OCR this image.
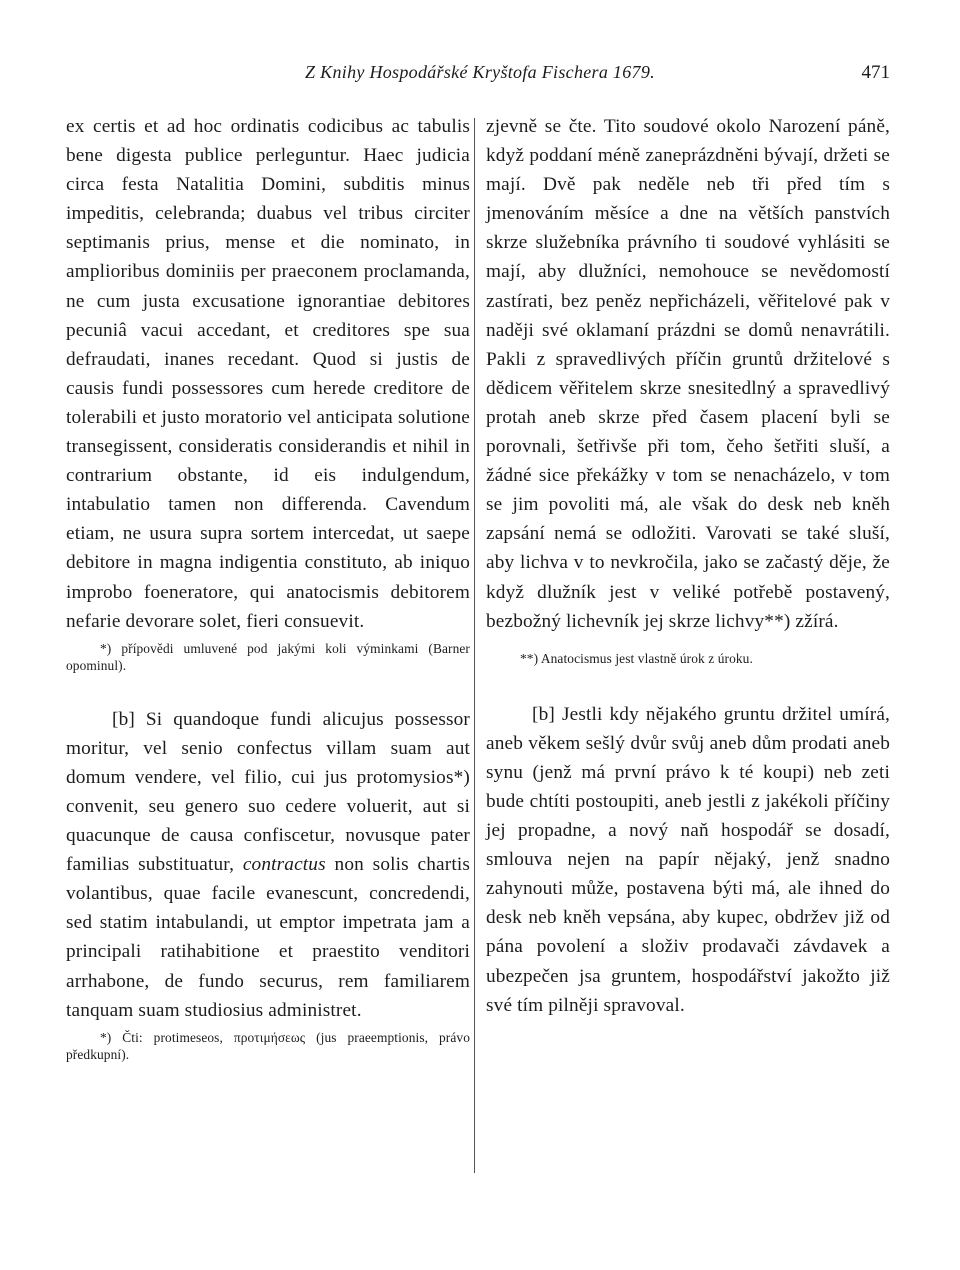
Z Knihy Hospodářské Kryštofa Fischera 1679.	471

ex certis et ad hoc ordinatis codicibus ac tabulis bene digesta publice perleguntur. Haec judicia circa festa Natalitia Domini, subditis minus impeditis, celebranda; duabus vel tribus circiter septimanis prius, mense et die nominato, in amplioribus dominiis per praeconem proclamanda, ne cum justa excusatione ignorantiae debitores pecuniâ vacui accedant, et creditores spe sua defraudati, inanes recedant. Quod si justis de causis fundi possessores cum herede creditore de tolerabili et justo moratorio vel anticipata solutione transegissent, consideratis considerandis et nihil in contrarium obstante, id eis indulgendum, intabulatio tamen non differenda. Cavendum etiam, ne usura supra sortem intercedat, ut saepe debitore in magna indigentia constituto, ab iniquo improbo foeneratore, qui anatocismis debitorem nefarie devorare solet, fieri consuevit.

*) přípovědi umluvené pod jakými koli výminkami (Barner opominul).

[b] Si quandoque fundi alicujus possessor moritur, vel senio confectus villam suam aut domum vendere, vel filio, cui jus protomysios*) convenit, seu genero suo cedere voluerit, aut si quacunque de causa confiscetur, novusque pater familias substituatur, contractus non solis chartis volantibus, quae facile evanescunt, concredendi, sed statim intabulandi, ut emptor impetrata jam a principali ratihabitione et praestito venditori arrhabone, de fundo securus, rem familiarem tanquam suam studiosius administret.

*) Čti: protimeseos, προτιμήσεως (jus praeemptionis, právo předkupní).

zjevně se čte. Tito soudové okolo Narození páně, když poddaní méně zaneprázdněni bývají, držeti se mají. Dvě pak neděle neb tři před tím s jmenováním měsíce a dne na větších panstvích skrze služebníka právního ti soudové vyhlásiti se mají, aby dlužníci, nemohouce se nevědomostí zastírati, bez peněz nepřicházeli, věřitelové pak v naději své oklamaní prázdni se domů nenavrátili. Pakli z spravedlivých příčin gruntů držitelové s dědicem věřitelem skrze snesitedlný a spravedlivý protah aneb skrze před časem placení byli se porovnali, šetřivše při tom, čeho šetřiti sluší, a žádné sice překážky v tom se nenacházelo, v tom se jim povoliti má, ale však do desk neb kněh zapsání nemá se odložiti. Varovati se také sluší, aby lichva v to nevkročila, jako se začastý děje, že když dlužník jest v veliké potřebě postavený, bezbožný lichevník jej skrze lichvy**) zžírá.

**) Anatocismus jest vlastně úrok z úroku.

[b] Jestli kdy nějakého gruntu držitel umírá, aneb věkem sešlý dvůr svůj aneb dům prodati aneb synu (jenž má první právo k té koupi) neb zeti bude chtíti postoupiti, aneb jestli z jakékoli příčiny jej propadne, a nový naň hospodář se dosadí, smlouva nejen na papír nějaký, jenž snadno zahynouti může, postavena býti má, ale ihned do desk neb kněh vepsána, aby kupec, obdržev již od pána povolení a složiv prodavači závdavek a ubezpečen jsa gruntem, hospodářství jakožto již své tím pilněji spravoval.
